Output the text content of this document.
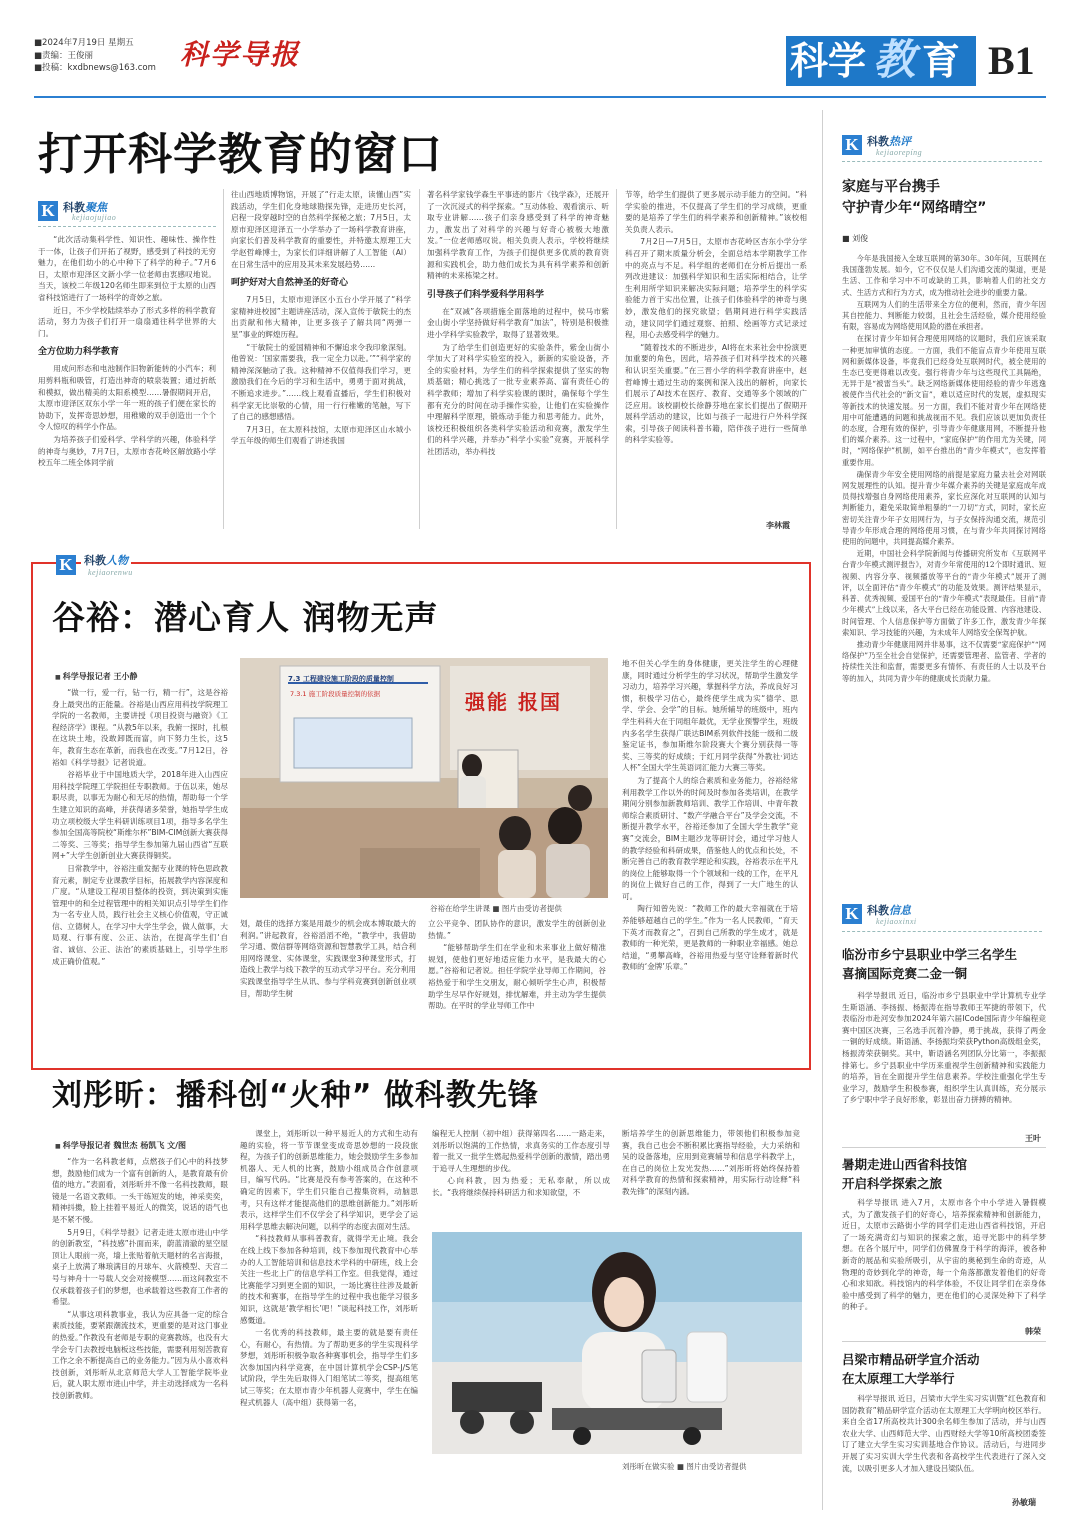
■2024年7月19日 星期五
■责编：王俊丽
■投稿：kxdbnews@163.com 科学导报	科学 教 育 B1
打开科学教育的窗口
K 科教聚焦
kejiaojujiao

“此次活动集科学性、知识性、趣味性、操作性于一体，让孩子们开拓了视野，感受到了科技的无穷魅力，在他们幼小的心中种下了科学的种子。”7月6日，太原市迎泽区文新小学一位老师由衷感叹地说。当天，该校二年级120名师生即来到位于太原的山西省科技馆进行了一场科学的奇妙之旅。

近日，不少学校陆续举办了形式多样的科学教育活动，努力为孩子们打开一扇扇通往科学世界的大门。

全方位助力科学教育

用成问形态和电池制作旧物新能转的小汽车；利用剪料瓶和吸管，打造出神奇的喷泉装置；通过折纸和模拟，做出精美的太阳系模型……暑假期间开启，太原市迎泽区双东小学一年一班的孩子们便在家长的协助下，发挥奇思妙想，用稚嫩的双手创造出一个个令人惊叹的科学小作品。

为培养孩子们爱科学、学科学的兴趣，体验科学的神奇与奥妙，7月7日，太原市杏花岭区解放路小学校五年二班全体同学前

往山西地质博物馆，开展了“行走太原，读懂山西”实践活动，学生们化身地球勘探先锋，走进历史长河，启程一段穿越时空的自然科学探秘之旅；7月5日，太原市迎泽区迎泽五一小学举办了一场科学教育讲座，向家长们普及科学教育的重要性，并特邀太原理工大学赵哲峰博士，为家长们详细讲解了人工智能（AI）在日常生活中的应用及其未来发展趋势……

呵护好对大自然神圣的好奇心

7月5日，太原市迎泽区小五台小学开展了“科学家精神进校园”主题讲座活动，深入宣传于敏院士的杰出贡献和伟大精神，让更多孩子了解共同“两弹一星”事业的辉煌历程。

“干敏院士的爱国精神和不懈追求令我印象深刻。他曾说：‘国家需要我，我一定全力以赴。’”“科学家的精神深深触动了我。这种精神不仅值得我们学习，更激励我们在今后的学习和生活中，勇勇于面对挑战，不断追求进步。”……线上观看直播后，学生们积极对科学家无比崇敬的心情，用一行行稚嫩的笔触，写下了自己的感想感悟。

7月3日，在太原科技馆，太原市迎泽区山水城小学五年级的师生们观看了讲述我国

著名科学家钱学森生平事迹的影片《钱学森》，还展开了一次沉浸式的科学探索。“互动体验、观看演示、听取专业讲解……孩子们亲身感受到了科学的神奇魅力，激发出了对科学的兴趣与好奇心被极大地激发。”一位老师感叹说。相关负责人表示，学校将继续加强科学教育工作，为孩子们提供更多优质的教育资源和实践机会，助力他们成长为具有科学素养和创新精神的未来栋梁之材。

引导孩子们科学爱科学用科学

在“双减”各项措施全面落地的过程中，侯马市紫金山街小学坚持做好科学教育“加法”，特别是积极推进小学科学实验教学，取得了显著效果。

为了给学生们创造更好的实验条件，紫金山街小学加大了对科学实验室的投入，新新的实验设备，齐全的实验材料，为学生们的科学探索提供了坚实的物质基础；精心挑选了一批专业素养高、富有责任心的科学教师；增加了科学实验课的课时，确保每个学生都有充分的时间在动手操作实验，让他们在实验操作中理解科学原理，锻炼动手能力和思考能力。此外，该校还积极组织各类科学实验活动和竞赛，激发学生们的科学兴趣，并举办“科学小实验”竞赛，开展科学社团活动，举办科技

节等，给学生们提供了更多展示动手能力的空间。“科学实验的推进，不仅提高了学生们的学习成绩，更重要的是培养了学生们的科学素养和创新精神。”该校相关负责人表示。

7月2日—7月5日，太原市杏花岭区杏东小学分学科召开了期末质量分析会，全面总结本学期教学工作中的亮点与不足。科学组的老师们在分析后提出一系列改进建议：加强科学知识和生活实际相结合，让学生利用所学知识来解决实际问题；培养学生的科学实验能力首于实出位置，让孩子们体验科学的神奇与奥妙，激发他们的探究欲望；倡期间进行科学实践活动，建议同学们通过观察、拍照、绘画等方式记录过程，用心去感受科学的魅力。

“随着技术的不断进步，AI将在未来社会中扮演更加重要的角色，因此，培养孩子们对科学技术的兴趣和认识至关重要。”在三晋小学的科学教育讲座中，赵哲峰博士通过生动的案例和深入浅出的解析，向家长们展示了AI技术在医疗、教育、交通等多个领域的广泛应用。该校副校长徐静芬地在家长们提出了假期开展科学活动的建议，比如与孩子一起进行户外科学探索，引导孩子阅读科普书籍，陪伴孩子进行一些简单的科学实验等。

李林霞
K	科教人物
kejiaorenwu
谷裕：潜心育人 润物无声
■ 科学导报记者 王小静

“做一行，爱一行，钻一行，精一行”，这是谷裕身上最突出的正能量。谷裕是山西应用科技学院理工学院的一名教师，主要讲授《项目投资与融资》《工程经济学》课程。“从教5年以来，我俯一探时，扎根在这块土地，没敢卸既而富，向下努力生长，这5年，教育生态在革新，而我也在改变。”7月12日，谷裕如《科学导报》记者说道。

谷裕毕业于中国地质大学，2018年进入山西应用科技学院理工学院担任专职教师。于伍以来，她尽职尽责，以事无为耐心和无尽的热情，帮助每一个学生建立知识的高峰，并获得诸多荣誉，她指导学生成功立项校级大学生科研训练项目1项，指导多名学生参加全国高等院校“斯维尔杯”BIM-CIM创新大赛获得二等奖、三等奖；指导学生参加第九届山西省“互联网+”大学生创新创业大赛获得铜奖。

日常教学中，谷裕注重发掘专业课的特色思政教育元素，制定专业课教学目标，拓展教学内容深度和广度。“从建设工程项目整体的投资，到决策到实施管理中的和全过程管理中的相关知识点引导学生们作为一名专业人员，践行社会主义核心价值观，守正诚信、立德树人，在学习中大学生学会，做人做事，大局观、行事有度、公正、法治，在提高学生们‘自省、诚信、公正、法治’的素质基础上，引导学生形成正确价值观。”

7.3 工程建设施工阶段的质量控制
7.3.1 施工阶段质量控制的依据	强能 报国
谷裕在给学生讲课 ■ 图片由受访者提供

划，最佳的选择方案是用最少的机会成本博取最大的利润。”讲起教育，谷裕滔滔不绝，“教学中，我借助学习通、微信群等网络资源和智慧教学工具，结合利用网络课堂、实体课堂，实践课堂3种课堂形式，打造线上教学与线下教学的互动式学习平台。充分利用实践课堂指导学生从讯、参与学科竞赛到创新创业项目，帮助学生树

立公平竞争、团队协作的意识，激发学生的创新创业热情。”

“能够帮助学生们在学业和未来事业上做好精准规划，使他们更好地适应能力水平，是我最大的心愿。”谷裕和记者说。担任学院学业导师工作期间，谷裕热爱于和学生交朋友，耐心倾听学生心声，积极帮助学生尽早作好规划，排忧解难，并主动为学生提供帮助。在平时的学业导师工作中

地不但关心学生的身体健康，更关注学生的心理健康，同时通过分析学生的学习状况，帮助学生激发学习动力，培养学习兴趣，掌握科学方法，养成良好习惯，积极学习估心，最终使学生成为实“德学、思学、学会、会学”的目标。她所辅导的班级中，班内学生科科大在于同组年最优，无学业预警学生，班级内多名学生获得广联达BIM系列软件技能一级和二级鉴定证书，参加斯维尔阶段赛大个赛分别获得一等奖、三等奖的好成绩；于红月同学获得“外教社·词达人杯”全国大学生英语词汇能力大赛三等奖。

为了提高个人的综合素质和业务能力，谷裕经常利用教学工作以外的时间及时参加各类培训，在教学期间分别参加新教师培训、教学工作培训、中青年教师综合素质研讨、“数产学融合平台”及学会交流，不断提升教学水平，谷裕还参加了全国大学生教学“竞赛”交流会，BIM主题沙龙等研讨会，通过学习他人的教学经验和科研成果，借鉴他人的优点和长处，不断完善自己的教育教学理论和实践，谷裕表示在平凡的岗位上能够取得一个个领域和一线的工作，在平凡的岗位上做好自己的工作，得到了一大广地生的认可。

陶行知曾先说：“教师工作的最大幸福就在于培养能够超越自己的学生。”作为一名人民教师，“育天下英才而教育之”，召到自己所教的学生成才，就是教师的一种光荣，更是教师的一种职业幸福感。她总结道，“勇攀高峰，谷裕用热爱与坚守诠释着新时代教师的‘金牌’乐章。”

刘彤昕：播科创“火种” 做科教先锋
■ 科学导报记者 魏世杰 杨凯飞 文/图

“作为一名科教老师，点燃孩子们心中的科技梦想，鼓励他们成为一个富有创新的人，是教育最有价值的地方。”表面看，刘彤昕并不像一名科技教师，眼镜是一名语文教师。一头干练短发的她，神采奕奕，精神抖擞，脸上挂着平易近人的微笑，说话的语气也是不紧不慢。

5月9日，《科学导报》记者走进太原市进山中学的创新教室，“科技感”扑面而来，蔚蓝清澈的星空屋顶让人眼前一亮，墙上张贴着航天题材的名言海报，桌子上放满了琳琅满目的月球车、火箭模型、天宫二号与神舟十一号载人交会对接模型……而这间教室不仅承载着孩子们的梦想，也承载着这些教育工作者的希望。

“从事这项科教事业，我认为应具备一定的综合素质技能，要紧跟潮流技术，更重要的是对这门事业的热爱。”作教没有老师是专职的竞赛教练，也没有大学会专门去教授电脑板这些技能，需要利用刻苦教育工作之余不断提高自己的业务能力。”因为从小喜欢科技创新，刘彤昕从北京师范大学人工智能学院毕业后，就人职太原市进山中学，并主动选择成为一名科技创新教师。

课堂上，刘彤昕以一种平易近人的方式和生动有趣的实验，将一节节课堂变成奇思妙想的一段段旅程，为孩子们的创新思维能力，她会鼓励学生多参加机器人、无人机的比赛，鼓励小组成员合作创意项目，编写代码。“比赛是没有参考答案的，在这种不确定的因素下，学生们只能自己搜集资料，动脑思考，只有这样才能提高他们的思维创新能力。”刘彤昕表示，这样学生们不仅学会了科学知识，更学会了运用科学思维去解决问题，以科学的态度去面对生活。

“科技教师从事科普教育，就得学无止境。我会在线上线下参加各种培训，线下参加现代教育中心举办的人工智能培训和信息技术学科的中研班，线上会关注一些北上广的信息学科工作室。但我觉得，通过比赛能学习到更全面的知识，一场比赛往往涉及最新的技术和赛事，在指导学生的过程中我也能学习很多知识，这就是‘教学相长’吧！”谈起科技工作，刘彤昕感慨道。

一名优秀的科技教师，最主要的就是要有责任心，有耐心，有热情。为了帮助更多的学生实现科学梦想，刘彤昕积极争取各种赛事机会，指导学生们多次参加国内科学竞赛，在中国计算机学会CSP-J/S笔试阶段，学生先后取得入门组笔试二等奖，提高组笔试三等奖；在太原市青少年机器人竞赛中，学生在编程式机器人（高中组）获得第一名，

编程无人控制（初中组）获得第四名……一路走来，刘彤昕以饱满的工作热情，求真务实的工作态度引导着一批又一批学生燃起热爱科学创新的激情，踏出勇于追寻人生理想的步伐。

心向科教，因为热爱；无私奉献，所以成长。“我将继续保持科研活力和求知欲望，不

断培养学生的创新思维能力，带领他们积极参加竞赛，我自己也会不断积累比赛指导经验，大力采纳和吴的设备落地，应用到竞赛辅导和信息学科教学上，在自己的岗位上发光发热……”刘彤昕将始终保持着对科学教育的热情和探索精神，用实际行动诠释“科教先锋”的深刻内涵。

刘彤昕在做实验 ■ 图片由受访者提供
K 科教热评
kejiaorepíng
家庭与平台携手
守护青少年“网络晴空”
■ 刘俊

今年是我国接入全球互联网的第30年。30年间，互联网在我国蓬勃发展。如今，它不仅仅是人们沟通交流的渠道，更是生活、工作和学习中不可或缺的工具，影响着人们的社交方式、生活方式和行为方式，成为推动社会进步的重要力量。

互联网为人们的生活带来全方位的便利，然而，青少年因其自控能力、判断能力较弱，且社会生活经验，媒介使用经验有限，容易成为网络使用风险的潜在承担者。

在探讨青少年如何合理使用网络的议题时，我们应该采取一种更加审慎的态度。一方面，我们不能盲点青少年使用互联网和新媒体设备，毕竟我们已经身处互联网时代，被全使用的生态已变更得难以改变。强行将青少年与这些现代工具隔绝，无异于是“被雷当头”。缺乏网络新媒体使用经验的青少年逃逸被使作当代社会的“新文盲”，难以适应时代的发展，虚拟现实等新技术的快速发展。另一方面，我们不能对青少年在网络使用中可能遭遇的问题和挑战视而不见。我们应该以更加负责任的态度，合理有效的保护，引导青少年健康用网，不断提升他们的媒介素养。这一过程中，“家庭保护”的作用尤为关键，同时，“网络保护”机制，如平台推出的“青少年模式”，也发挥着重要作用。

确保青少年安全使用网络的前提是家庭力量去社会对网联网发展理性的认知。提升青少年媒介素养的关键是家庭成年成员得找增强自身网络使用素养，家长应深化对互联网的认知与判断能力，避免采取简单粗暴的“一刀切”方式，同时，家长应密切关注青少年子女用网行为，与子女保持沟通交流，规范引导青少年形成合理的网络使用习惯，在与青少年共同探讨网络使用的问题中，共同提高媒介素养。

近期，中国社会科学院新闻与传播研究所发布《互联网平台青少年模式测评报告》，对青少年常使用的12个即时通讯、短视频、内容分享、视频播放等平台的“青少年模式”展开了测评，以全面评估“青少年模式”的功能及效果。测评结果显示，科普、优秀视频、爱国平台的“青少年模式”表现最佳。目前“青少年模式”上线以来，各大平台已经在功能设置、内容池建设、时间管理、个人信息保护等方面做了许多工作，激发青少年探索知识、学习技能的兴趣，为未成年人网络安全保驾护航。

推动青少年健康用网并非易事，这不仅需要“家庭保护”“网络保护”乃至全社会自觉保护，还需要管理者、监管者、学者的持续性关注和监督，需要更多有情怀、有责任的人士以及平台等的加入，共同为青少年的健康成长贡献力量。

K 科教信息
kejiaoxinxi
临汾市乡宁县职业中学三名学生
喜摘国际竞赛二金一铜

科学导报讯 近日，临汾市乡宁县职业中学计算机专业学生斯语涵、李扬振、杨振涛在指导教师王军捷的带领下，代表临汾市赴河安参加2024年第六届ICode国际青少年编程竞赛中国区决赛，三名选手沉着冷静，勇于挑战，获得了两金一铜的好成绩。斯语涵、李扬振均荣获Python高级组金奖，杨振涛荣获铜奖。其中，靳语涵名列团队分比第一，李振振排第七。乡宁县职业中学历来重视学生创新精神和实践能力的培养，旨在全面提升学生信息素养。学校注重强化学生专业学习，鼓励学生积极参赛，组织学生认真训练，充分展示了乡宁职中学子良好形象，彰显出奋力拼搏的精神。

王叶
暑期走进山西省科技馆
开启科学探索之旅

科学导报讯 进入7月，太原市各个中小学进入暑假模式，为了激发孩子们的好奇心，培养探索精神和创新能力，近日，太原市云路街小学的同学们走进山西省科技馆，开启了一场充满奇幻与知识的探索之旅，追寻光影中的科学梦想。在各个展厅中，同学们仿佛置身于科学的海洋，被各种新奇的展品和实验所吸引，从宇宙的奥秘到生命的奇迹，从物理的奇妙到化学的神奇，每一个角落都激发着他们的好奇心和求知欲。科技馆内的科学体验，不仅让同学们在亲身体验中感受到了科学的魅力，更在他们的心灵深处种下了科学的种子。

韩荣
吕梁市精品研学宣介活动
在太原理工大学举行

科学导报讯 近日，吕梁市大学生实习实训暨“红色教育和国防教育”精品研学宣介活动在太原理工大学明向校区举行。来自全省17所高校共计300余名师生参加了活动，并与山西农业大学、山西师范大学、山西财经大学等10所高校团委签订了建立大学生实习实训基地合作协议。活动后，与进同步开展了实习实训大学生代表和各高校学生代表进行了深入交流，以吸引更多人才加入建设吕梁队伍。

孙敏瑞
